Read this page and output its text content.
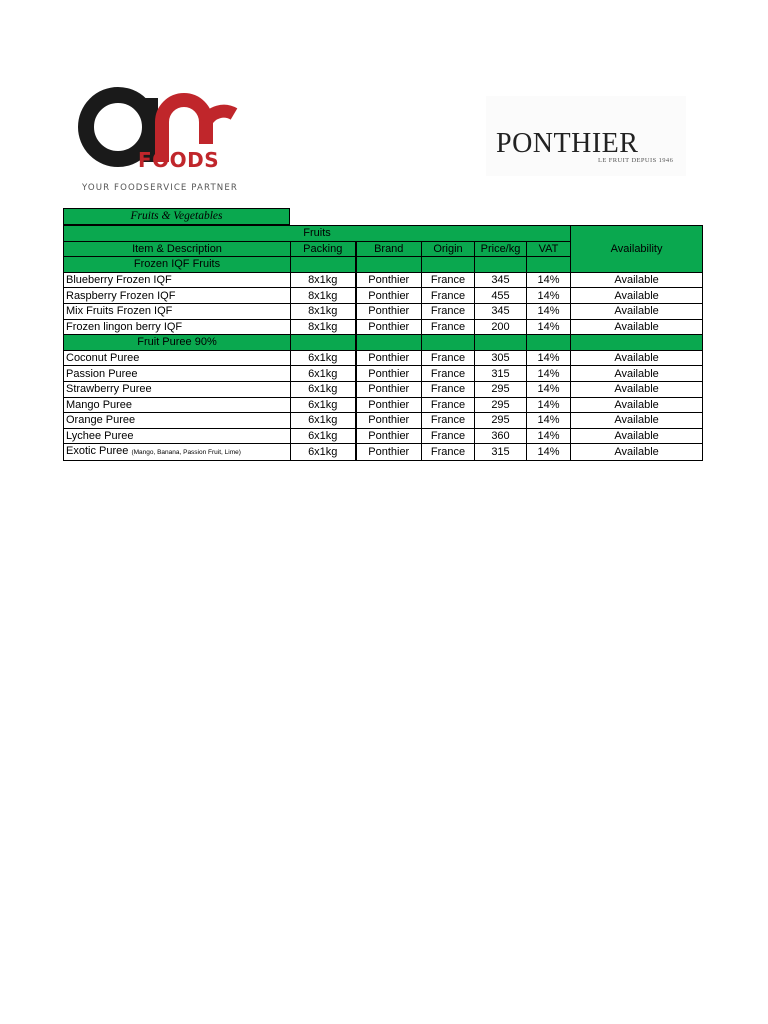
FOODS
YOUR FOODSERVICE PARTNER
PONTHIER
LE FRUIT DEPUIS 1946
Fruits & Vegetables
Fruits						Availability
Item & Description	Packing	Brand	Origin	Price/kg	VAT	
Frozen IQF Fruits						
Blueberry Frozen IQF	8x1kg	Ponthier	France	345	14%	Available
Raspberry Frozen IQF	8x1kg	Ponthier	France	455	14%	Available
Mix Fruits Frozen IQF	8x1kg	Ponthier	France	345	14%	Available
Frozen lingon berry IQF	8x1kg	Ponthier	France	200	14%	Available
Fruit Puree 90%						
Coconut Puree	6x1kg	Ponthier	France	305	14%	Available
Passion Puree	6x1kg	Ponthier	France	315	14%	Available
Strawberry Puree	6x1kg	Ponthier	France	295	14%	Available
Mango Puree	6x1kg	Ponthier	France	295	14%	Available
Orange Puree	6x1kg	Ponthier	France	295	14%	Available
Lychee Puree	6x1kg	Ponthier	France	360	14%	Available
Exotic Puree (Mango, Banana, Passion Fruit, Lime)	6x1kg	Ponthier	France	315	14%	Available
